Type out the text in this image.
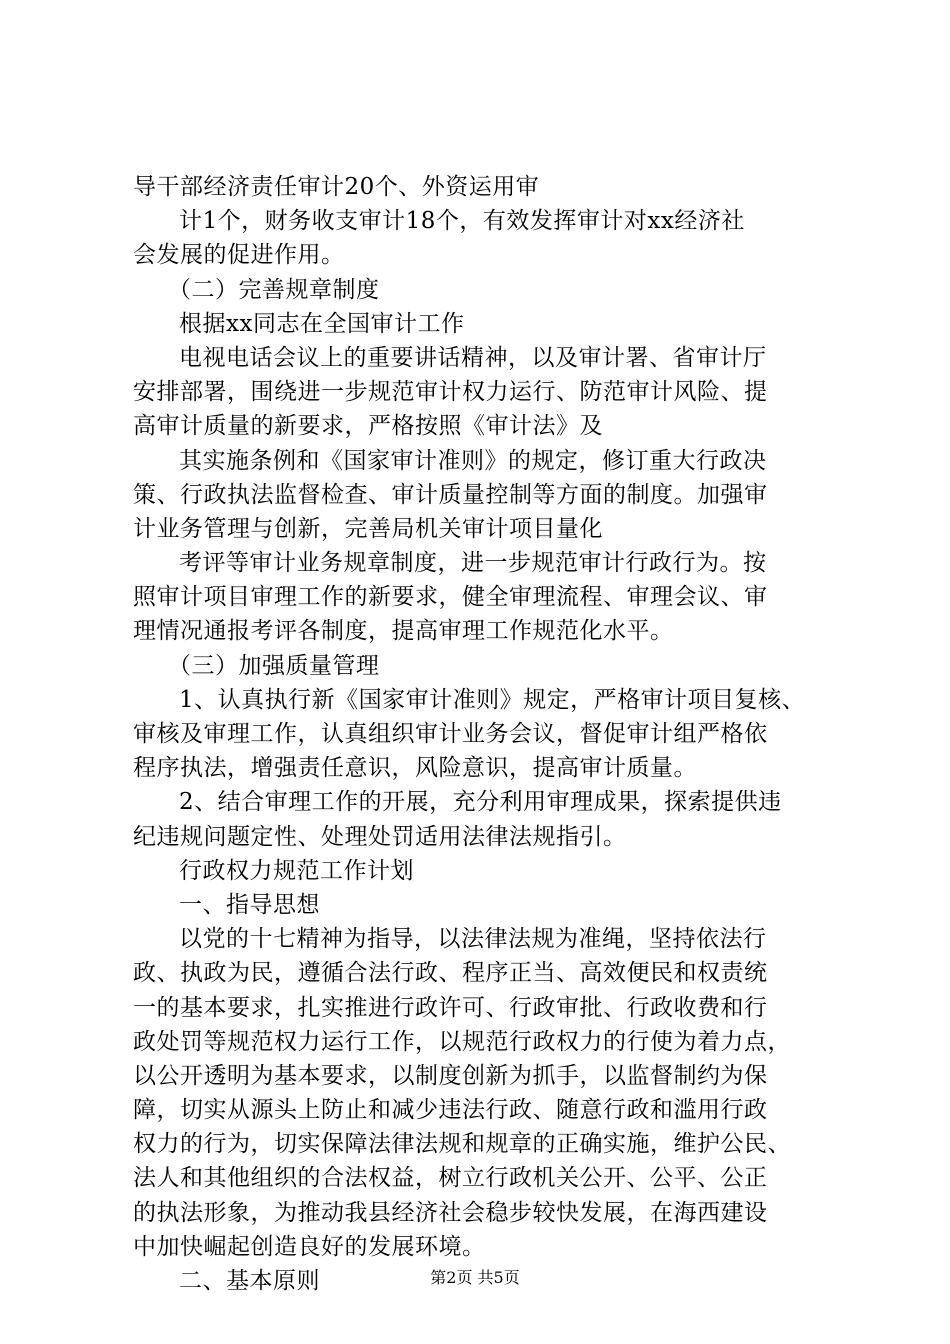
导干部经济责任审计20个、外资运用审
计1个，财务收支审计18个，有效发挥审计对xx经济社
会发展的促进作用。
（二）完善规章制度
根据xx同志在全国审计工作
电视电话会议上的重要讲话精神，以及审计署、省审计厅
安排部署，围绕进一步规范审计权力运行、防范审计风险、提
高审计质量的新要求，严格按照《审计法》及
其实施条例和《国家审计准则》的规定，修订重大行政决
策、行政执法监督检查、审计质量控制等方面的制度。加强审
计业务管理与创新，完善局机关审计项目量化
考评等审计业务规章制度，进一步规范审计行政行为。按
照审计项目审理工作的新要求，健全审理流程、审理会议、审
理情况通报考评各制度，提高审理工作规范化水平。
（三）加强质量管理
1、认真执行新《国家审计准则》规定，严格审计项目复核、
审核及审理工作，认真组织审计业务会议，督促审计组严格依
程序执法，增强责任意识，风险意识，提高审计质量。
2、结合审理工作的开展，充分利用审理成果，探索提供违
纪违规问题定性、处理处罚适用法律法规指引。
行政权力规范工作计划
一、指导思想
以党的十七精神为指导，以法律法规为准绳，坚持依法行
政、执政为民，遵循合法行政、程序正当、高效便民和权责统
一的基本要求，扎实推进行政许可、行政审批、行政收费和行
政处罚等规范权力运行工作，以规范行政权力的行使为着力点，
以公开透明为基本要求，以制度创新为抓手，以监督制约为保
障，切实从源头上防止和减少违法行政、随意行政和滥用行政
权力的行为，切实保障法律法规和规章的正确实施，维护公民、
法人和其他组织的合法权益，树立行政机关公开、公平、公正
的执法形象，为推动我县经济社会稳步较快发展，在海西建设
中加快崛起创造良好的发展环境。
二、基本原则	第2页 共5页
